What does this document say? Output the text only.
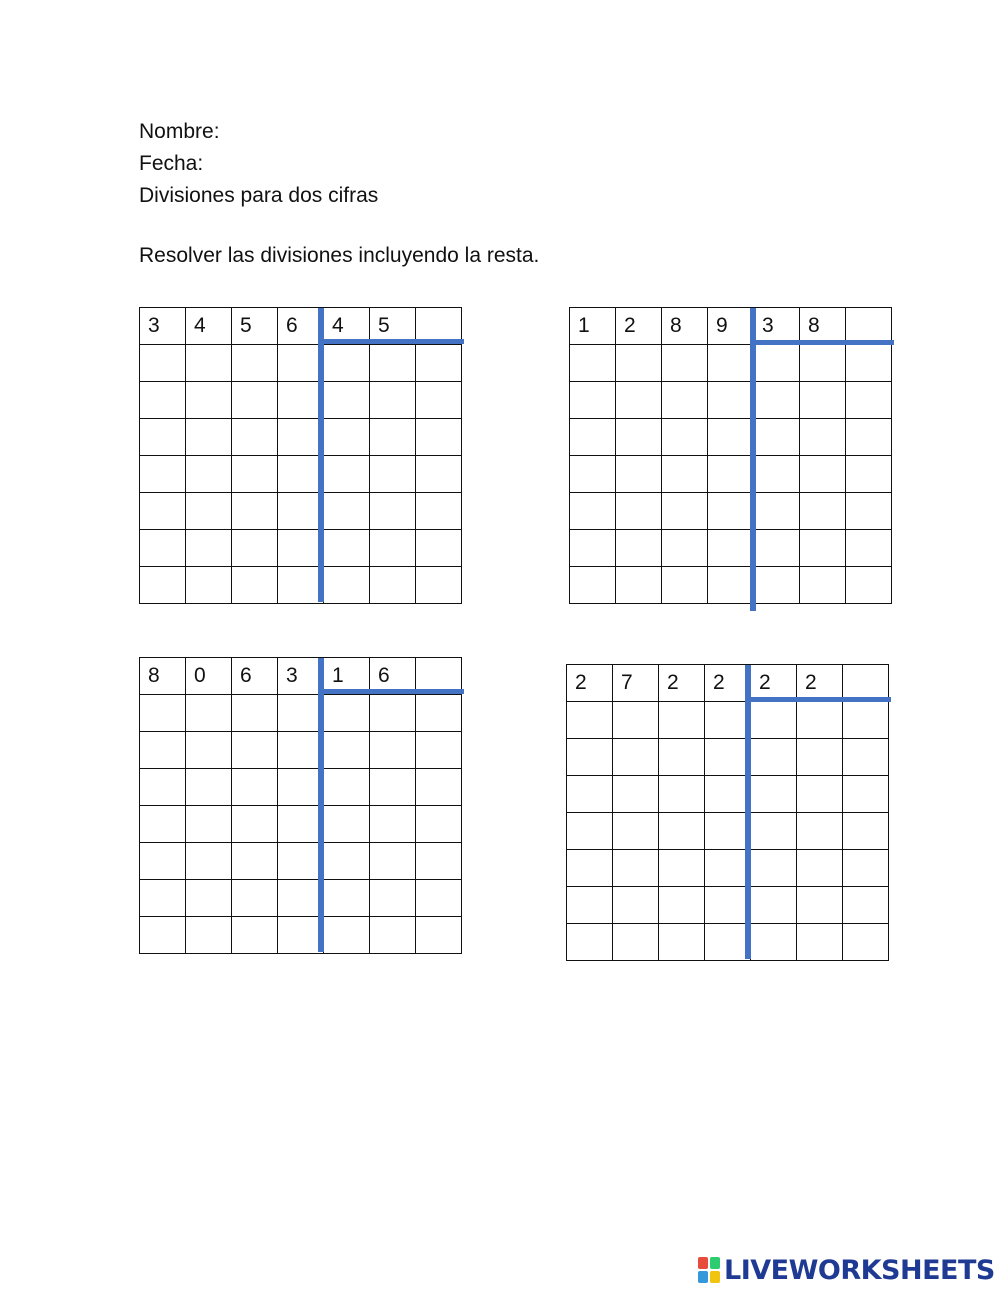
Nombre:
Fecha:
Divisiones para dos cifras
Resolver las divisiones incluyendo la resta.
3	4	5	6	4	5	

							1	2	8	9	3	8	

8	0	6	3	1	6	

							2	7	2	2	2	2	

LIVEWORKSHEETS
